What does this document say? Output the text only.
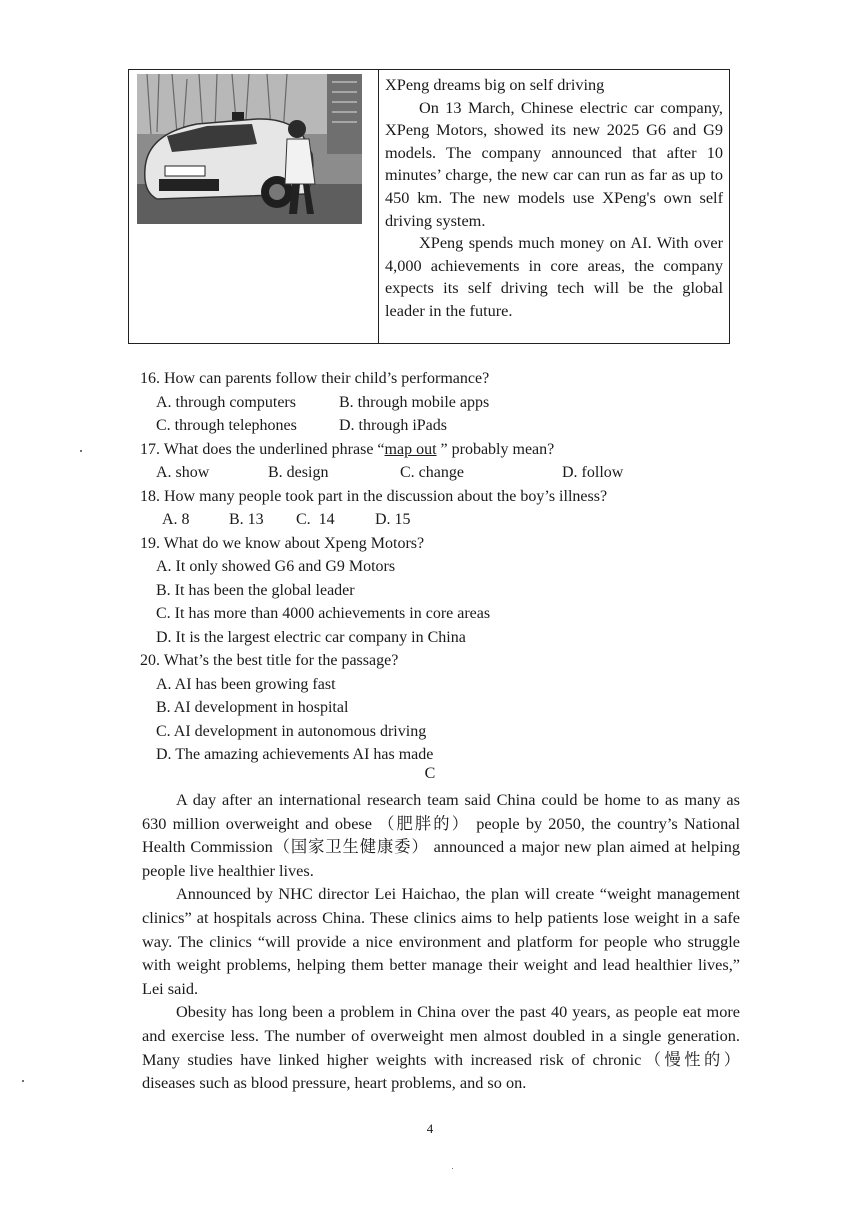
XPeng dreams big on self driving

On 13 March, Chinese electric car company, XPeng Motors, showed its new 2025 G6 and G9 models. The company announced that after 10 minutes’ charge, the new car can run as far as up to 450 km. The new models use XPeng's own self driving system.

XPeng spends much money on AI. With over 4,000 achievements in core areas, the company expects its self driving tech will be the global leader in the future.

16. How can parents follow their child’s performance?

A. through computers	B. through mobile apps
C. through telephones	D. through iPads

17. What does the underlined phrase “map out ” probably mean?

A. show	B. design	C. change	D. follow

18. How many people took part in the discussion about the boy’s illness?

A. 8	B. 13	C.  14	D. 15

19. What do we know about Xpeng Motors?

A. It only showed G6 and G9 Motors

B. It has been the global leader

C. It has more than 4000 achievements in core areas

D. It is the largest electric car company in China

20. What’s the best title for the passage?

A. AI has been growing fast

B. AI development in hospital

C. AI development in autonomous driving

D. The amazing achievements AI has made

C

A day after an international research team said China could be home to as many as 630 million overweight and obese （肥胖的） people by 2050, the country’s National Health Commission（国家卫生健康委） announced a major new plan aimed at helping people live healthier lives.

Announced by NHC director Lei Haichao, the plan will create “weight management clinics” at hospitals across China. These clinics aims to help patients lose weight in a safe way. The clinics “will provide a nice environment and platform for people who struggle with weight problems, helping them better manage their weight and lead healthier lives,” Lei said.

Obesity has long been a problem in China over the past 40 years, as people eat more and exercise less. The number of overweight men almost doubled in a single generation. Many studies have linked higher weights with increased risk of chronic（慢性的） diseases such as blood pressure, heart problems, and so on.

4
